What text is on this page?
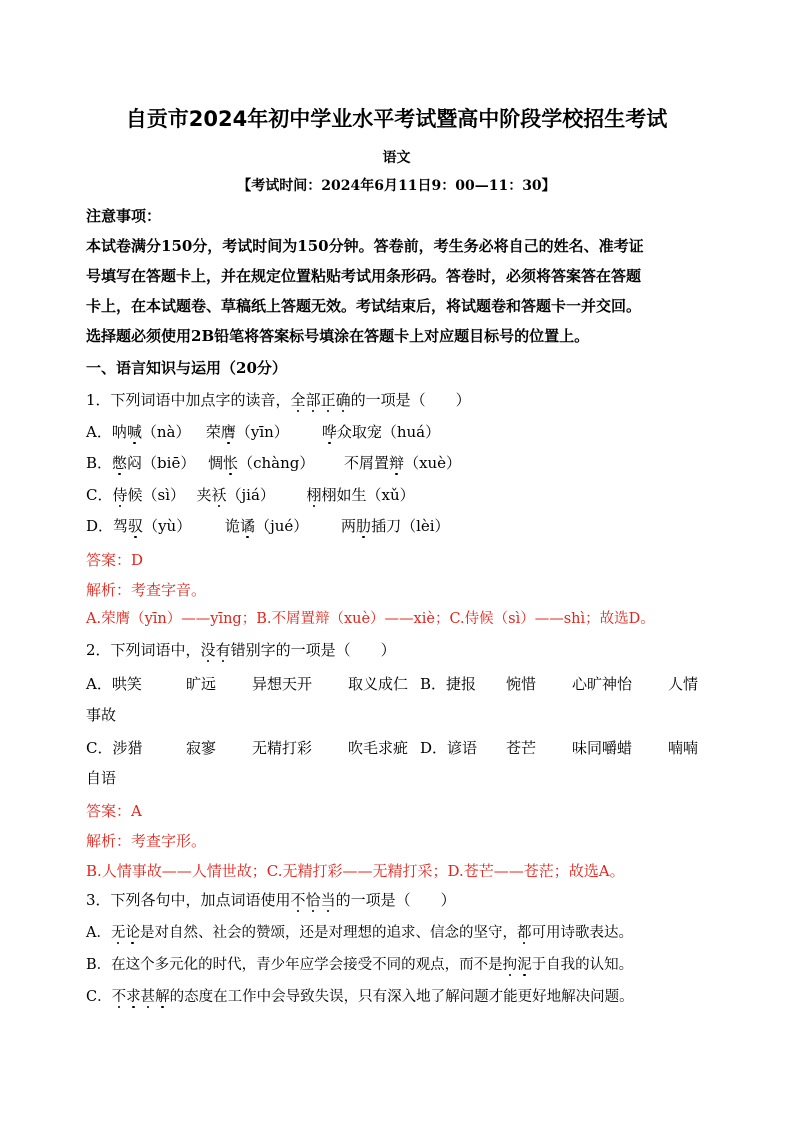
自贡市2024年初中学业水平考试暨高中阶段学校招生考试
语文
【考试时间：2024年6月11日9：00—11：30】
注意事项：
本试卷满分150分，考试时间为150分钟。答卷前，考生务必将自己的姓名、准考证
号填写在答题卡上，并在规定位置粘贴考试用条形码。答卷时，必须将答案答在答题
卡上，在本试题卷、草稿纸上答题无效。考试结束后，将试题卷和答题卡一并交回。
选择题必须使用2B铅笔将答案标号填涂在答题卡上对应题目标号的位置上。
一、语言知识与运用（20分）
1．下列词语中加点字的读音，全部正确的一项是（　　）
A．呐喊（nà） 荣膺（yīn） 哗众取宠（huá）
B．憋闷（biē） 惆怅（chàng） 不屑置辩（xuè）
C．侍候（sì） 夹袄（jiá） 栩栩如生（xǔ）
D．驾驭（yù） 诡谲（jué） 两肋插刀（lèi）
答案：D
解析：考查字音。
A.荣膺（yīn）——yīng；B.不屑置辩（xuè）——xiè；C.侍候（sì）——shì；故选D。
2．下列词语中，没有错别字的一项是（　　）
A．哄笑	旷远 异想天开 取义成仁 B．捷报 惋惜 心旷神怡 人情
事故
C．涉猎	寂寥 无精打彩 吹毛求疵 D．谚语 苍芒 味同嚼蜡 喃喃
自语
答案：A
解析：考查字形。
B.人情事故——人情世故；C.无精打彩——无精打采；D.苍芒——苍茫；故选A。
3．下列各句中，加点词语使用不恰当的一项是（　　）
A．无论是对自然、社会的赞颂，还是对理想的追求、信念的坚守，都可用诗歌表达。
B．在这个多元化的时代，青少年应学会接受不同的观点，而不是拘泥于自我的认知。
C．不求甚解的态度在工作中会导致失误，只有深入地了解问题才能更好地解决问题。
